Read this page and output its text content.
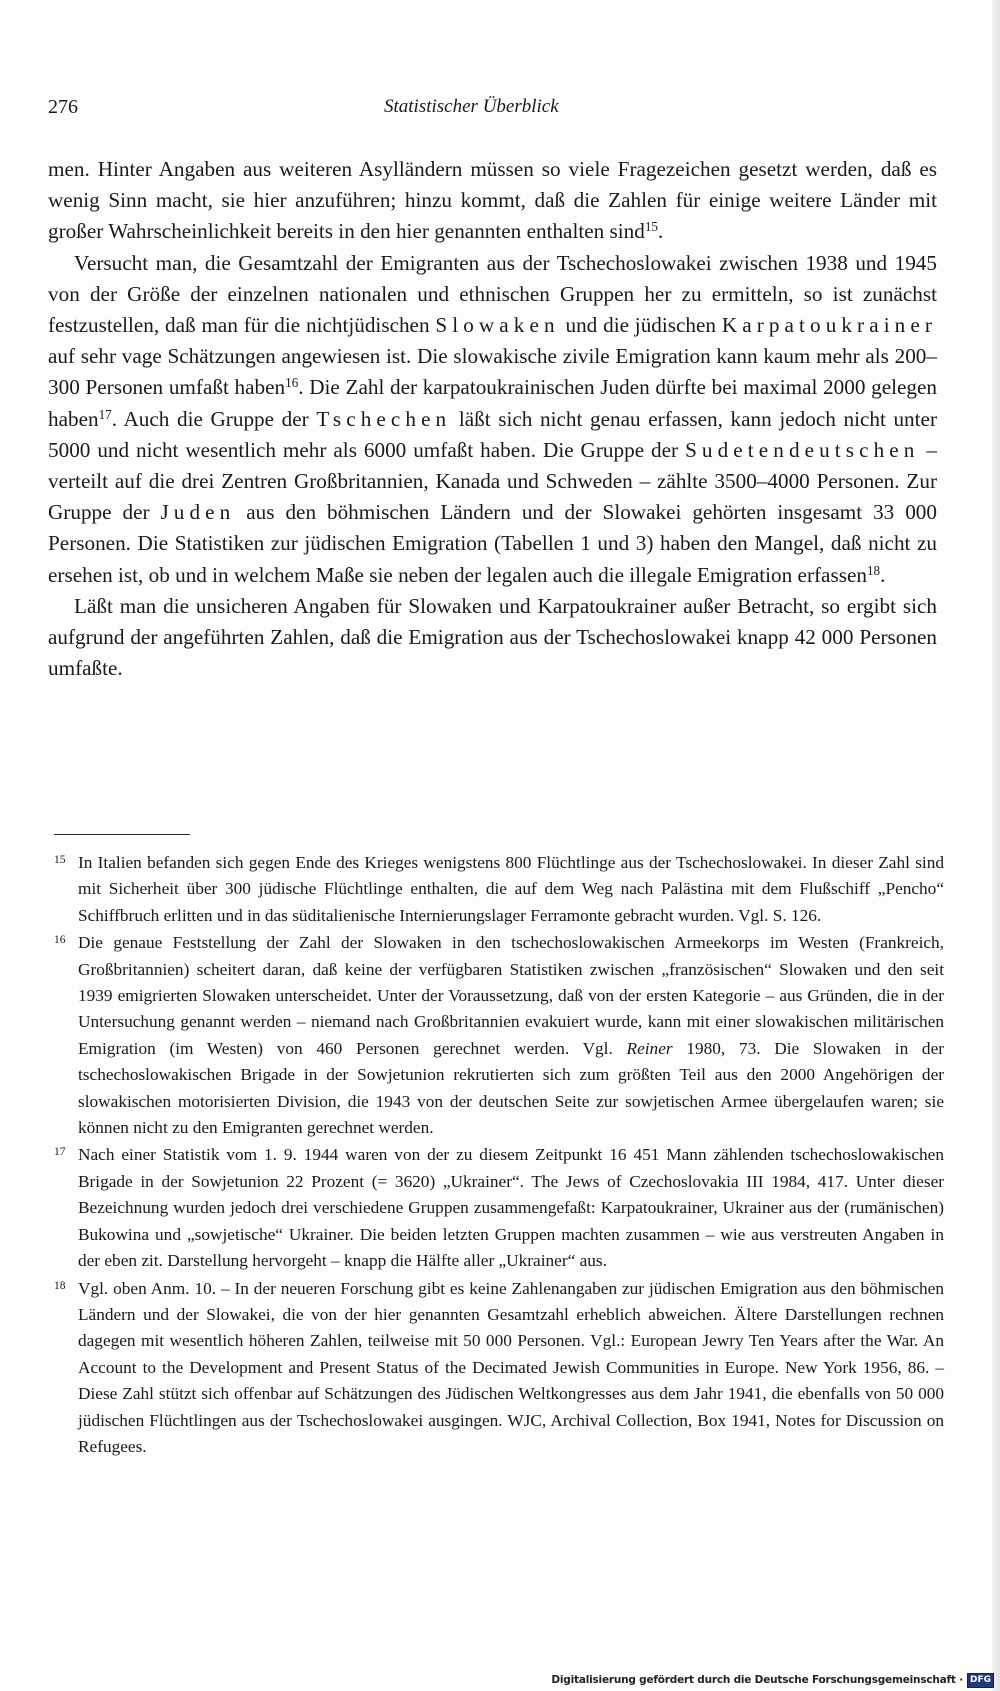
276	Statistischer Überblick

men. Hinter Angaben aus weiteren Asylländern müssen so viele Fragezeichen gesetzt werden, daß es wenig Sinn macht, sie hier anzuführen; hinzu kommt, daß die Zahlen für einige weitere Länder mit großer Wahrscheinlichkeit bereits in den hier genannten enthalten sind$^{15}$.

Versucht man, die Gesamtzahl der Emigranten aus der Tschechoslowakei zwischen 1938 und 1945 von der Größe der einzelnen nationalen und ethnischen Gruppen her zu ermitteln, so ist zunächst festzustellen, daß man für die nichtjüdischen Slowaken und die jüdischen Karpatoukrainer auf sehr vage Schätzungen angewiesen ist. Die slowakische zivile Emigration kann kaum mehr als 200–300 Personen umfaßt haben$^{16}$. Die Zahl der karpatoukrainischen Juden dürfte bei maximal 2000 gelegen haben$^{17}$. Auch die Gruppe der Tschechen läßt sich nicht genau erfassen, kann jedoch nicht unter 5000 und nicht wesentlich mehr als 6000 umfaßt haben. Die Gruppe der Sudetendeutschen – verteilt auf die drei Zentren Großbritannien, Kanada und Schweden – zählte 3500–4000 Personen. Zur Gruppe der Juden aus den böhmischen Ländern und der Slowakei gehörten insgesamt 33 000 Personen. Die Statistiken zur jüdischen Emigration (Tabellen 1 und 3) haben den Mangel, daß nicht zu ersehen ist, ob und in welchem Maße sie neben der legalen auch die illegale Emigration erfassen$^{18}$.

Läßt man die unsicheren Angaben für Slowaken und Karpatoukrainer außer Betracht, so ergibt sich aufgrund der angeführten Zahlen, daß die Emigration aus der Tschechoslowakei knapp 42 000 Personen umfaßte.

15 In Italien befanden sich gegen Ende des Krieges wenigstens 800 Flüchtlinge aus der Tschechoslowakei. In dieser Zahl sind mit Sicherheit über 300 jüdische Flüchtlinge enthalten, die auf dem Weg nach Palästina mit dem Flußschiff „Pencho“ Schiffbruch erlitten und in das süditalienische Internierungslager Ferramonte gebracht wurden. Vgl. S. 126.
16 Die genaue Feststellung der Zahl der Slowaken in den tschechoslowakischen Armeekorps im Westen (Frankreich, Großbritannien) scheitert daran, daß keine der verfügbaren Statistiken zwischen „französischen“ Slowaken und den seit 1939 emigrierten Slowaken unterscheidet. Unter der Voraussetzung, daß von der ersten Kategorie – aus Gründen, die in der Untersuchung genannt werden – niemand nach Großbritannien evakuiert wurde, kann mit einer slowakischen militärischen Emigration (im Westen) von 460 Personen gerechnet werden. Vgl. Reiner 1980, 73. Die Slowaken in der tschechoslowakischen Brigade in der Sowjetunion rekrutierten sich zum größten Teil aus den 2000 Angehörigen der slowakischen motorisierten Division, die 1943 von der deutschen Seite zur sowjetischen Armee übergelaufen waren; sie können nicht zu den Emigranten gerechnet werden.
17 Nach einer Statistik vom 1. 9. 1944 waren von der zu diesem Zeitpunkt 16 451 Mann zählenden tschechoslowakischen Brigade in der Sowjetunion 22 Prozent (= 3620) „Ukrainer“. The Jews of Czechoslovakia III 1984, 417. Unter dieser Bezeichnung wurden jedoch drei verschiedene Gruppen zusammengefaßt: Karpatoukrainer, Ukrainer aus der (rumänischen) Bukowina und „sowjetische“ Ukrainer. Die beiden letzten Gruppen machten zusammen – wie aus verstreuten Angaben in der eben zit. Darstellung hervorgeht – knapp die Hälfte aller „Ukrainer“ aus.
18 Vgl. oben Anm. 10. – In der neueren Forschung gibt es keine Zahlenangaben zur jüdischen Emigration aus den böhmischen Ländern und der Slowakei, die von der hier genannten Gesamtzahl erheblich abweichen. Ältere Darstellungen rechnen dagegen mit wesentlich höheren Zahlen, teilweise mit 50 000 Personen. Vgl.: European Jewry Ten Years after the War. An Account to the Development and Present Status of the Decimated Jewish Communities in Europe. New York 1956, 86. – Diese Zahl stützt sich offenbar auf Schätzungen des Jüdischen Weltkongresses aus dem Jahr 1941, die ebenfalls von 50 000 jüdischen Flüchtlingen aus der Tschechoslowakei ausgingen. WJC, Archival Collection, Box 1941, Notes for Discussion on Refugees.
Digitalisierung gefördert durch die Deutsche Forschungsgemeinschaft · DFG
